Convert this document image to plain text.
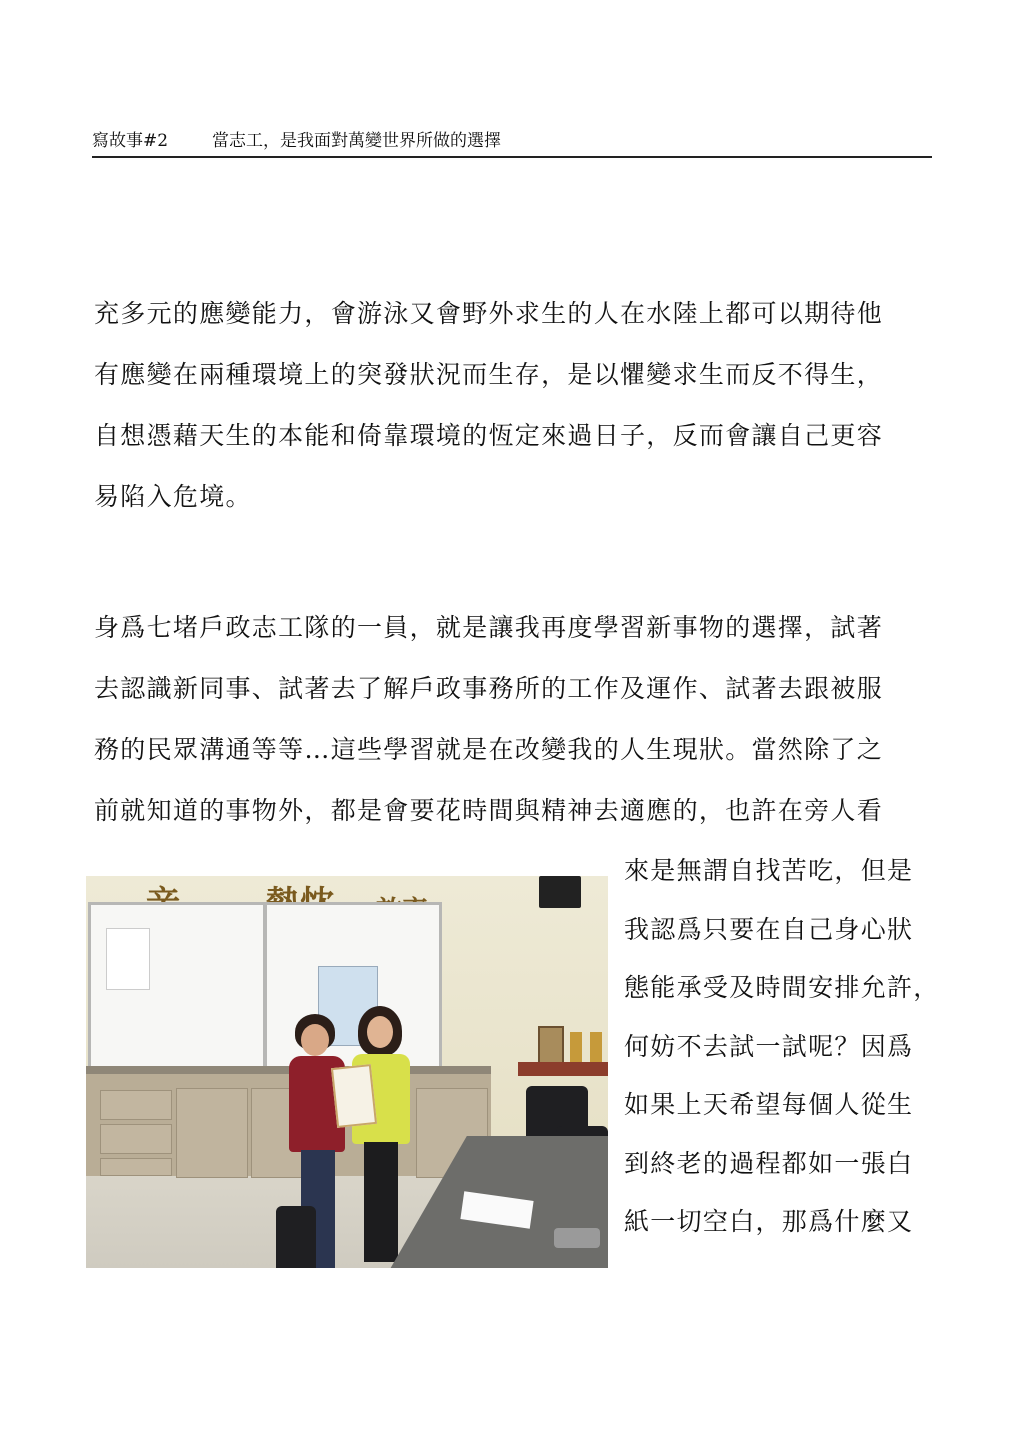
寫故事#2	當志工，是我面對萬變世界所做的選擇

充多元的應變能力，會游泳又會野外求生的人在水陸上都可以期待他
有應變在兩種環境上的突發狀況而生存，是以懼變求生而反不得生，
自想憑藉天生的本能和倚靠環境的恆定來過日子，反而會讓自己更容
易陷入危境。

身爲七堵戶政志工隊的一員，就是讓我再度學習新事物的選擇，試著
去認識新同事、試著去了解戶政事務所的工作及運作、試著去跟被服
務的民眾溝通等等…這些學習就是在改變我的人生現狀。當然除了之
前就知道的事物外，都是會要花時間與精神去適應的，也許在旁人看

來是無謂自找苦吃，但是
我認爲只要在自己身心狀
態能承受及時間安排允許，
何妨不去試一試呢？因爲
如果上天希望每個人從生
到終老的過程都如一張白
紙一切空白，那爲什麼又
